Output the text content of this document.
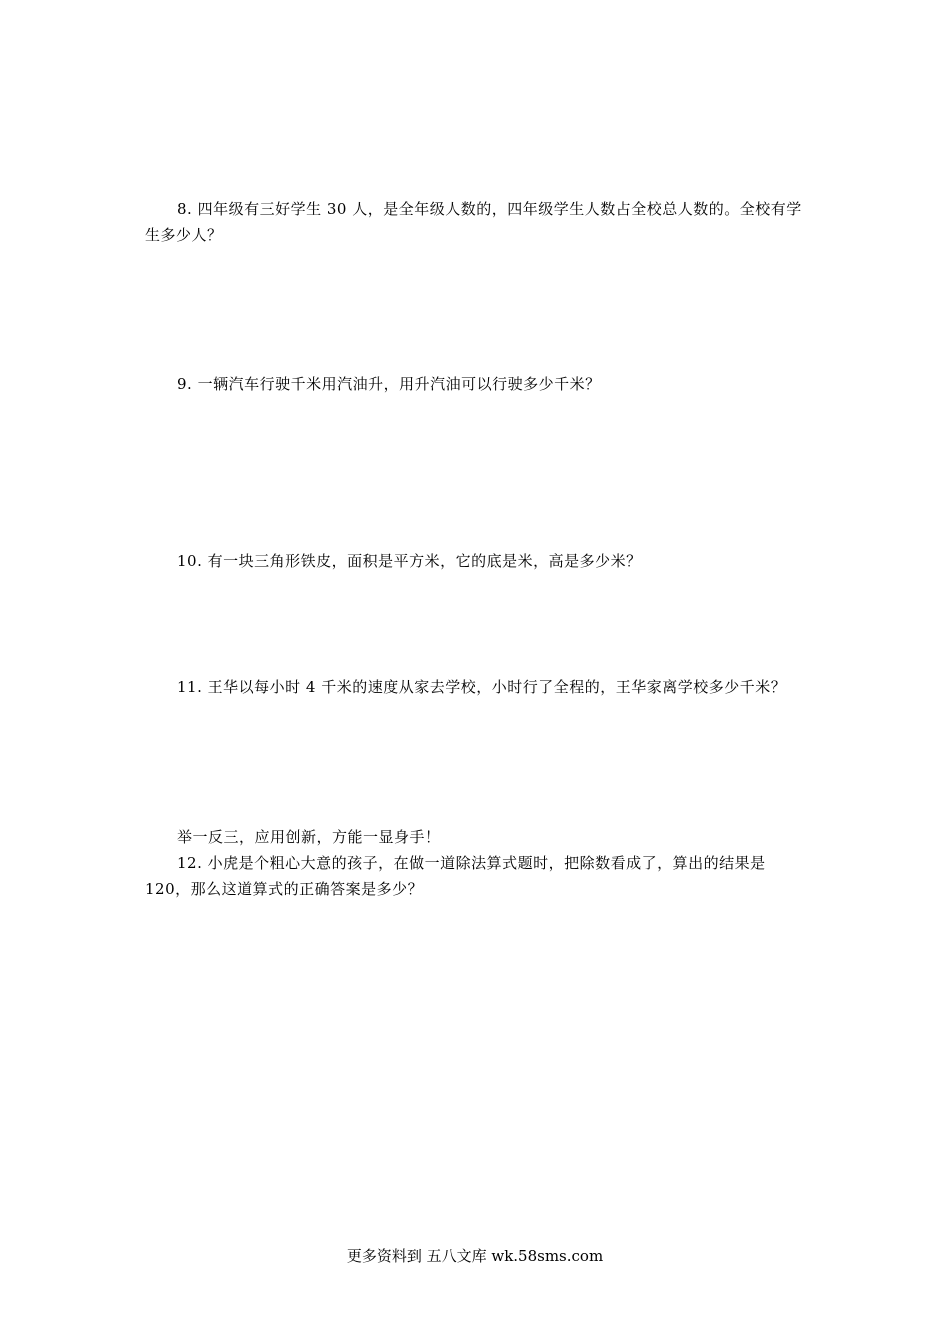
8. 四年级有三好学生 30 人，是全年级人数的，四年级学生人数占全校总人数的。全校有学生多少人？

9. 一辆汽车行驶千米用汽油升，用升汽油可以行驶多少千米？

10. 有一块三角形铁皮，面积是平方米，它的底是米，高是多少米？

11. 王华以每小时 4 千米的速度从家去学校，小时行了全程的，王华家离学校多少千米？

举一反三，应用创新，方能一显身手！

12. 小虎是个粗心大意的孩子，在做一道除法算式题时，把除数看成了，算出的结果是 120，那么这道算式的正确答案是多少？

更多资料到 五八文库 wk.58sms.com
